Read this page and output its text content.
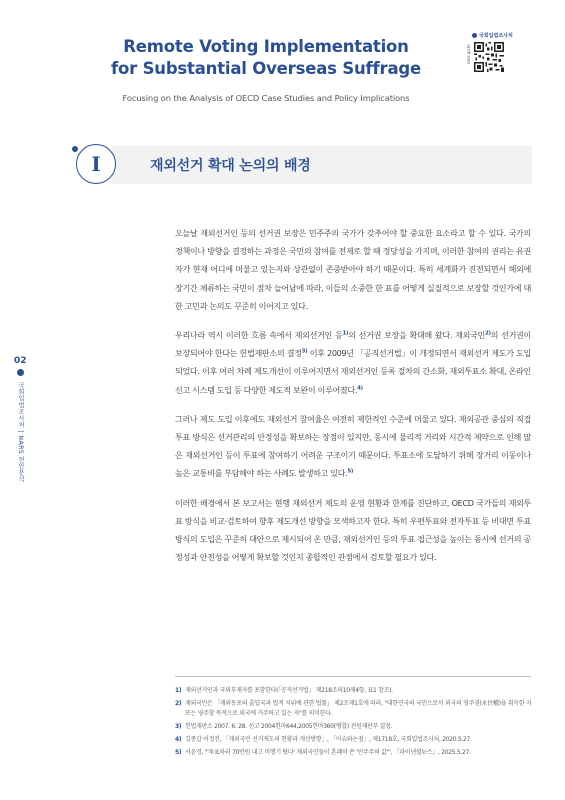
Remote Voting Implementation
for Substantial Overseas Suffrage
Focusing on the Analysis of OECD Case Studies and Policy Implications
국회입법조사처
nars.go.kr
재외선거 확대 논의의 배경
I
02
국회입법조사처 | NARS 현안분석

오늘날 재외선거인 등의 선거권 보장은 민주주의 국가가 갖추어야 할 중요한 요소라고 할 수 있다. 국가의 정책이나 방향을 결정하는 과정은 국민의 참여를 전제로 할 때 정당성을 가지며, 이러한 참여의 권리는 유권자가 현재 어디에 머물고 있는지와 상관없이 존중받아야 하기 때문이다. 특히 세계화가 진전되면서 해외에 장기간 체류하는 국민이 점차 늘어남에 따라, 이들의 소중한 한 표를 어떻게 실질적으로 보장할 것인가에 대한 고민과 논의도 꾸준히 이어지고 있다.

우리나라 역시 이러한 흐름 속에서 재외선거인 등$^{1)}$의 선거권 보장을 확대해 왔다. 재외국민$^{2)}$의 선거권이 보장되어야 한다는 헌법재판소의 결정$^{3)}$ 이후 2009년 「공직선거법」이 개정되면서 재외선거 제도가 도입되었다. 이후 여러 차례 제도개선이 이루어지면서 재외선거인 등록 절차의 간소화, 재외투표소 확대, 온라인 신고 시스템 도입 등 다양한 제도적 보완이 이루어졌다.$^{4)}$

그러나 제도 도입 이후에도 재외선거 참여율은 여전히 제한적인 수준에 머물고 있다. 재외공관 중심의 직접투표 방식은 선거관리의 안정성을 확보하는 장점이 있지만, 동시에 물리적 거리와 시간적 제약으로 인해 많은 재외선거인 등이 투표에 참여하기 어려운 구조이기 때문이다. 투표소에 도달하기 위해 장거리 이동이나 높은 교통비를 부담해야 하는 사례도 발생하고 있다.$^{5)}$

이러한 배경에서 본 보고서는 현행 재외선거 제도의 운영 현황과 한계를 진단하고, OECD 국가들의 재외투표 방식을 비교·검토하여 향후 제도개선 방향을 모색하고자 한다. 특히 우편투표와 전자투표 등 비대면 투표방식의 도입은 꾸준히 대안으로 제시되어 온 만큼, 재외선거인 등의 투표 접근성을 높이는 동시에 선거의 공정성과 안전성을 어떻게 확보할 것인지 종합적인 관점에서 검토할 필요가 있다.

1) 재외선거인과 국외부재자를 포함한다(「공직선거법」 제218조의10제4항, 표1 참조).
2) 재외국민은 「재외동포의 출입국과 법적 지위에 관한 법률」 제2조제1호에 따라, "대한민국의 국민으로서 외국의 영주권(永住權)을 취득한 자 또는 영주할 목적으로 외국에 거주하고 있는 자"를 의미한다.
3) 헌법재판소 2007. 6. 28. 선고 2004헌마644,2005헌마360(병합) 전원재판부 결정.
4) 김종갑·이정진, 「재외국민 선거제도의 현황과 개선방향」, 「이슈와논점」, 제1718호, 국회입법조사처, 2020.5.27.
5) 서윤경, "'투표하러 70만원 내고 비행기 탔다' 재외국민들이 혼쾌히 쓴 '민주주의 값'", 「파이낸셜뉴스」, 2025.5.27.
